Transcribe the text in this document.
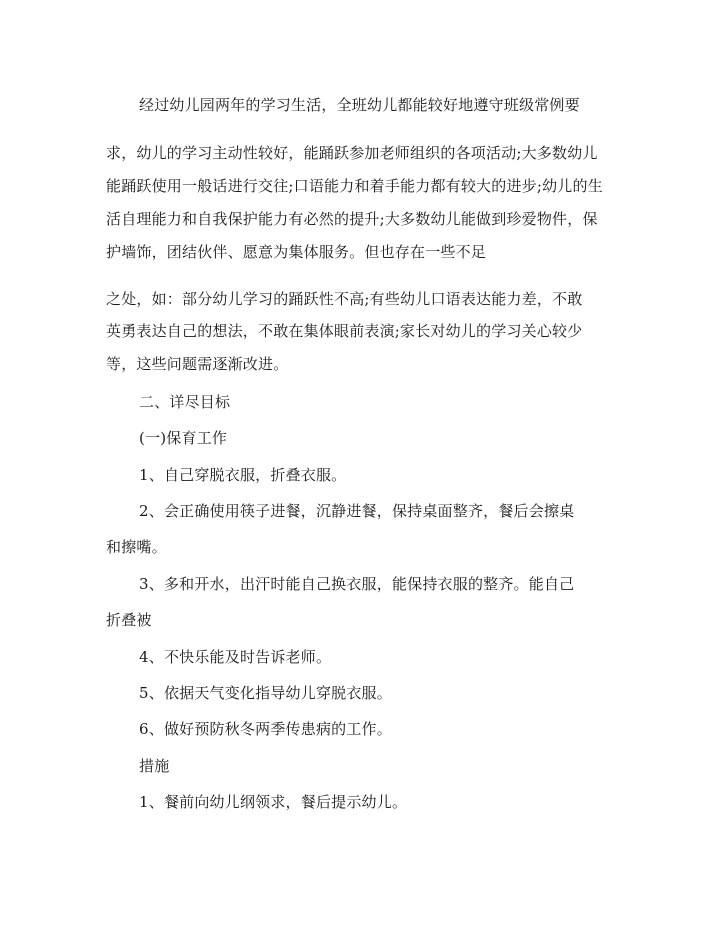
经过幼儿园两年的学习生活，全班幼儿都能较好地遵守班级常例要
求，幼儿的学习主动性较好，能踊跃参加老师组织的各项活动;大多数幼儿
能踊跃使用一般话进行交往;口语能力和着手能力都有较大的进步;幼儿的生
活自理能力和自我保护能力有必然的提升;大多数幼儿能做到珍爱物件，保
护墙饰，团结伙伴、愿意为集体服务。但也存在一些不足
之处，如：部分幼儿学习的踊跃性不高;有些幼儿口语表达能力差，不敢
英勇表达自己的想法，不敢在集体眼前表演;家长对幼儿的学习关心较少
等，这些问题需逐渐改进。
二、详尽目标
(一)保育工作
1、自己穿脱衣服，折叠衣服。
2、会正确使用筷子进餐，沉静进餐，保持桌面整齐，餐后会擦桌
和擦嘴。
3、多和开水，出汗时能自己换衣服，能保持衣服的整齐。能自己
折叠被
4、不快乐能及时告诉老师。
5、依据天气变化指导幼儿穿脱衣服。
6、做好预防秋冬两季传患病的工作。
措施
1、餐前向幼儿纲领求，餐后提示幼儿。
